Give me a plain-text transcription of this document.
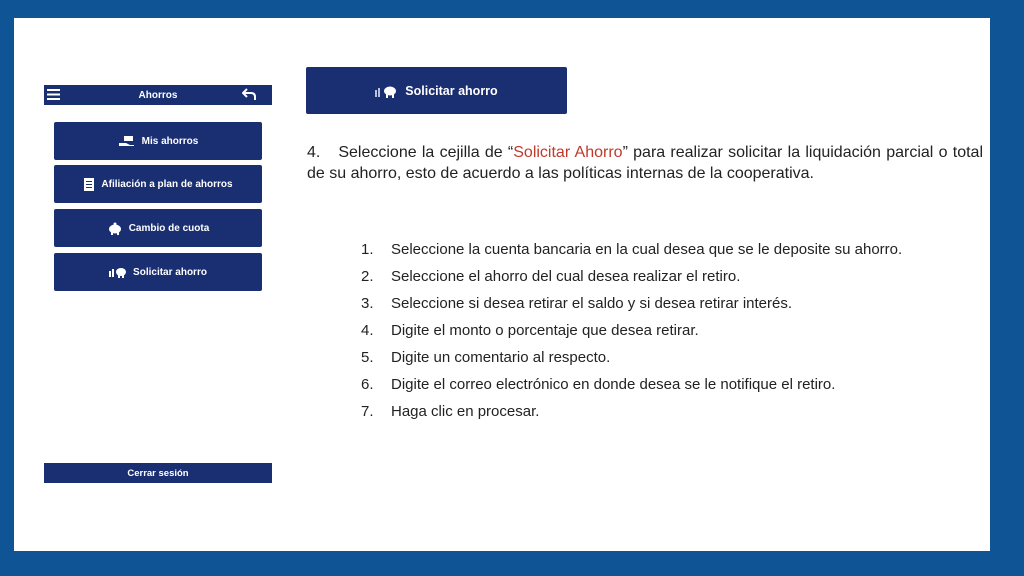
Ahorros
Mis ahorros
Afiliación a plan de ahorros
Cambio de cuota
Solicitar ahorro
Cerrar sesión
Solicitar ahorro

4. Seleccione la cejilla de “Solicitar Ahorro” para realizar solicitar la liquidación parcial o total de su ahorro, esto de acuerdo a las políticas internas de la cooperativa.

1.	Seleccione la cuenta bancaria en la cual desea que se le deposite su ahorro.
2.	Seleccione el ahorro del cual desea realizar el retiro.
3.	Seleccione si desea retirar el saldo y si desea retirar interés.
4.	Digite el monto o porcentaje que desea retirar.
5.	Digite un comentario al respecto.
6.	Digite el correo electrónico en donde desea se le notifique el retiro.
7.	Haga clic en procesar.
